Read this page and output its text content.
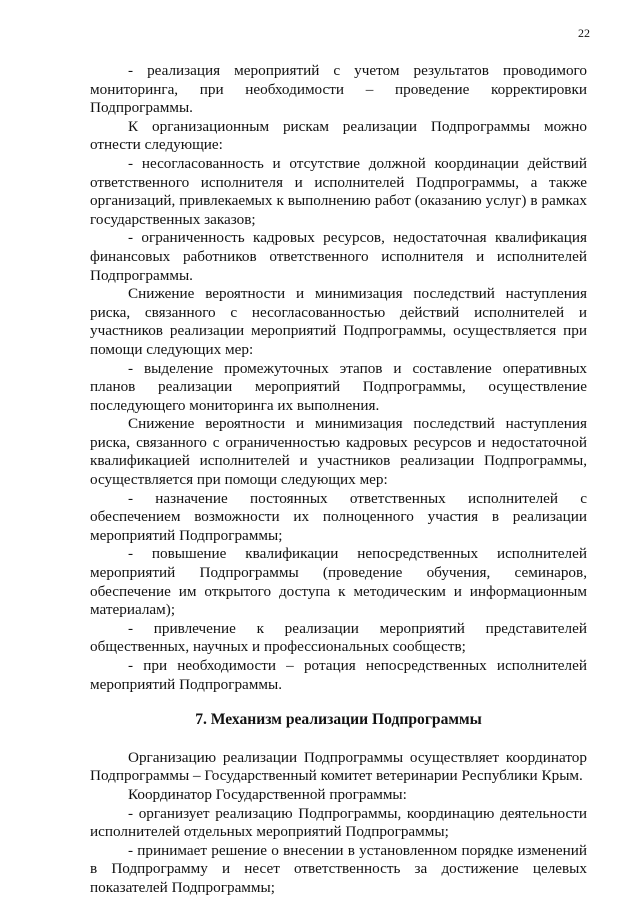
22

- реализация мероприятий с учетом результатов проводимого мониторинга, при необходимости – проведение корректировки Подпрограммы.

К организационным рискам реализации Подпрограммы можно отнести следующие:

- несогласованность и отсутствие должной координации действий ответственного исполнителя и исполнителей Подпрограммы, а также организаций, привлекаемых к выполнению работ (оказанию услуг) в рамках государственных заказов;

- ограниченность кадровых ресурсов, недостаточная квалификация финансовых работников ответственного исполнителя и исполнителей Подпрограммы.

Снижение вероятности и минимизация последствий наступления риска, связанного с несогласованностью действий исполнителей и участников реализации мероприятий Подпрограммы, осуществляется при помощи следующих мер:

- выделение промежуточных этапов и составление оперативных планов реализации мероприятий Подпрограммы, осуществление последующего мониторинга их выполнения.

Снижение вероятности и минимизация последствий наступления риска, связанного с ограниченностью кадровых ресурсов и недостаточной квалификацией исполнителей и участников реализации Подпрограммы, осуществляется при помощи следующих мер:

- назначение постоянных ответственных исполнителей с обеспечением возможности их полноценного участия в реализации мероприятий Подпрограммы;

- повышение квалификации непосредственных исполнителей мероприятий Подпрограммы (проведение обучения, семинаров, обеспечение им открытого доступа к методическим и информационным материалам);

- привлечение к реализации мероприятий представителей общественных, научных и профессиональных сообществ;

- при необходимости – ротация непосредственных исполнителей мероприятий Подпрограммы.

7. Механизм реализации Подпрограммы

Организацию реализации Подпрограммы осуществляет координатор Подпрограммы – Государственный комитет ветеринарии Республики Крым.

Координатор Государственной программы:

- организует реализацию Подпрограммы, координацию деятельности исполнителей отдельных мероприятий Подпрограммы;

- принимает решение о внесении в установленном порядке изменений в Подпрограмму и несет ответственность за достижение целевых показателей Подпрограммы;
